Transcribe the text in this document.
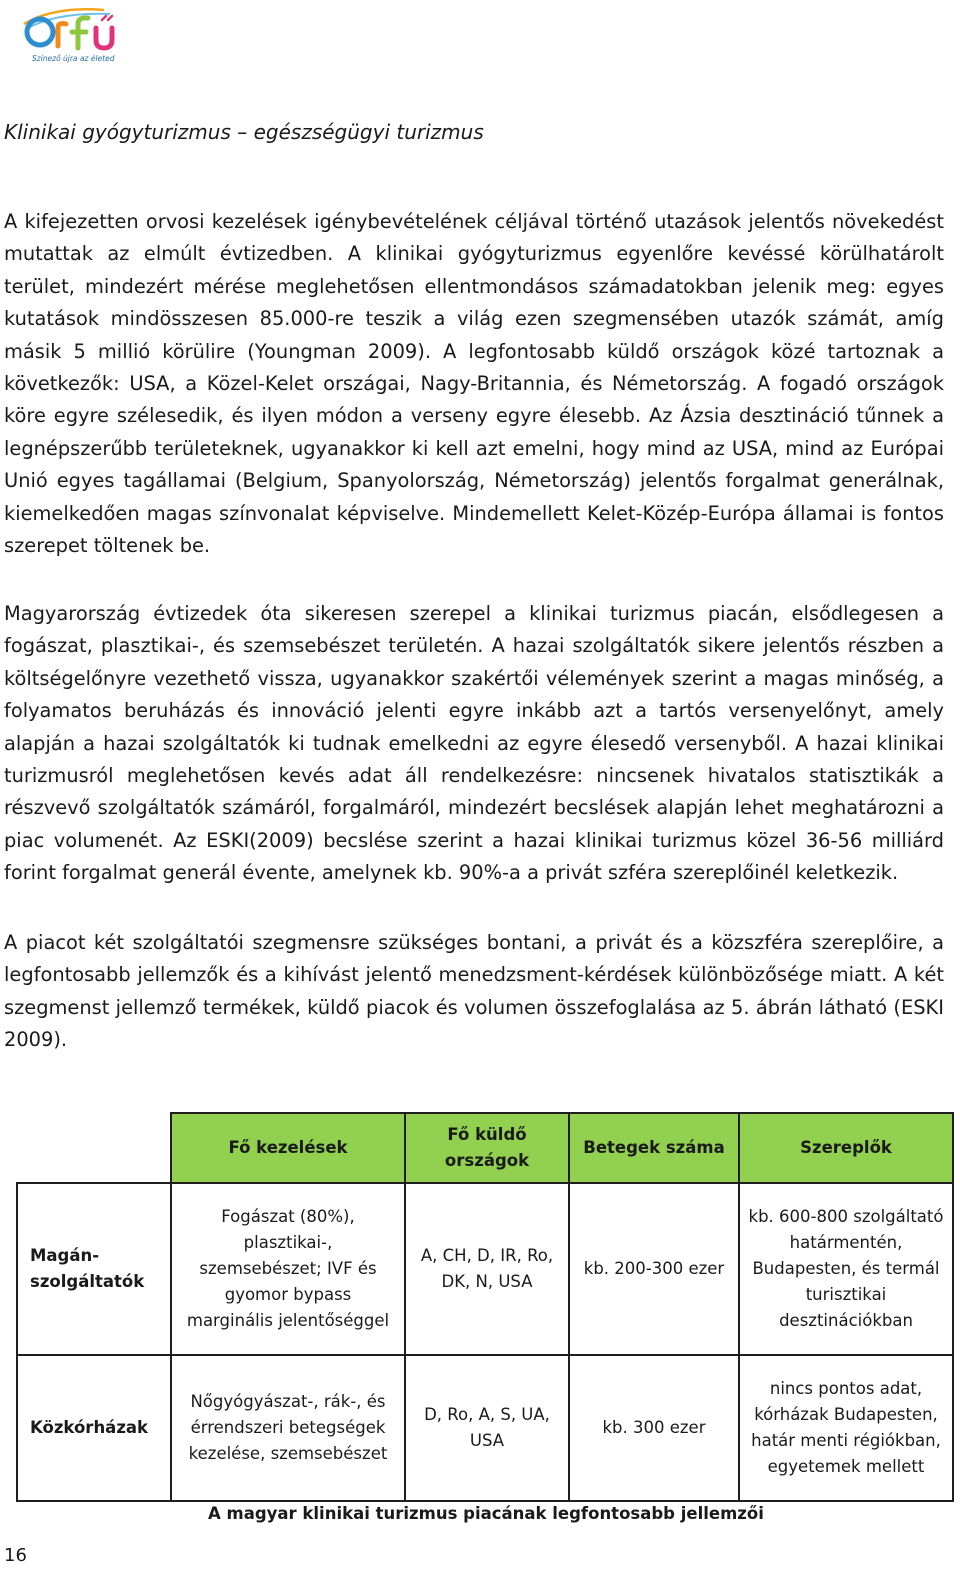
Színező újra az életed
Klinikai gyógyturizmus – egészségügyi turizmus

A kifejezetten orvosi kezelések igénybevételének céljával történő utazások jelentős növekedést mutattak az elmúlt évtizedben. A klinikai gyógyturizmus egyenlőre kevéssé körülhatárolt terület, mindezért mérése meglehetősen ellentmondásos számadatokban jelenik meg: egyes kutatások mindösszesen 85.000-re teszik a világ ezen szegmensében utazók számát, amíg másik 5 millió körülire (Youngman 2009). A legfontosabb küldő országok közé tartoznak a következők: USA, a Közel-Kelet országai, Nagy-Britannia, és Németország. A fogadó országok köre egyre szélesedik, és ilyen módon a verseny egyre élesebb. Az Ázsia desztináció tűnnek a legnépszerűbb területeknek, ugyanakkor ki kell azt emelni, hogy mind az USA, mind az Európai Unió egyes tagállamai (Belgium, Spanyolország, Németország) jelentős forgalmat generálnak, kiemelkedően magas színvonalat képviselve. Mindemellett Kelet-Közép-Európa államai is fontos szerepet töltenek be.

Magyarország évtizedek óta sikeresen szerepel a klinikai turizmus piacán, elsődlegesen a fogászat, plasztikai-, és szemsebészet területén. A hazai szolgáltatók sikere jelentős részben a költségelőnyre vezethető vissza, ugyanakkor szakértői vélemények szerint a magas minőség, a folyamatos beruházás és innováció jelenti egyre inkább azt a tartós versenyelőnyt, amely alapján a hazai szolgáltatók ki tudnak emelkedni az egyre élesedő versenyből. A hazai klinikai turizmusról meglehetősen kevés adat áll rendelkezésre: nincsenek hivatalos statisztikák a részvevő szolgáltatók számáról, forgalmáról, mindezért becslések alapján lehet meghatározni a piac volumenét. Az ESKI(2009) becslése szerint a hazai klinikai turizmus közel 36-56 milliárd forint forgalmat generál évente, amelynek kb. 90%-a a privát szféra szereplőinél keletkezik.

A piacot két szolgáltatói szegmensre szükséges bontani, a privát és a közszféra szereplőire, a legfontosabb jellemzők és a kihívást jelentő menedzsment-kérdések különbözősége miatt. A két szegmenst jellemző termékek, küldő piacok és volumen összefoglalása az 5. ábrán látható (ESKI 2009).

	Fő kezelések	Fő küldő országok	Betegek száma	Szereplők
Magán-szolgáltatók	Fogászat (80%), plasztikai-, szemsebészet; IVF és gyomor bypass marginális jelentőséggel	A, CH, D, IR, Ro, DK, N, USA	kb. 200-300 ezer	kb. 600-800 szolgáltató határmentén, Budapesten, és termál turisztikai desztinációkban
Közkórházak	Nőgyógyászat-, rák-, és érrendszeri betegségek kezelése, szemsebészet	D, Ro, A, S, UA, USA	kb. 300 ezer	nincs pontos adat, kórházak Budapesten, határ menti régiókban, egyetemek mellett
A magyar klinikai turizmus piacának legfontosabb jellemzői
16
